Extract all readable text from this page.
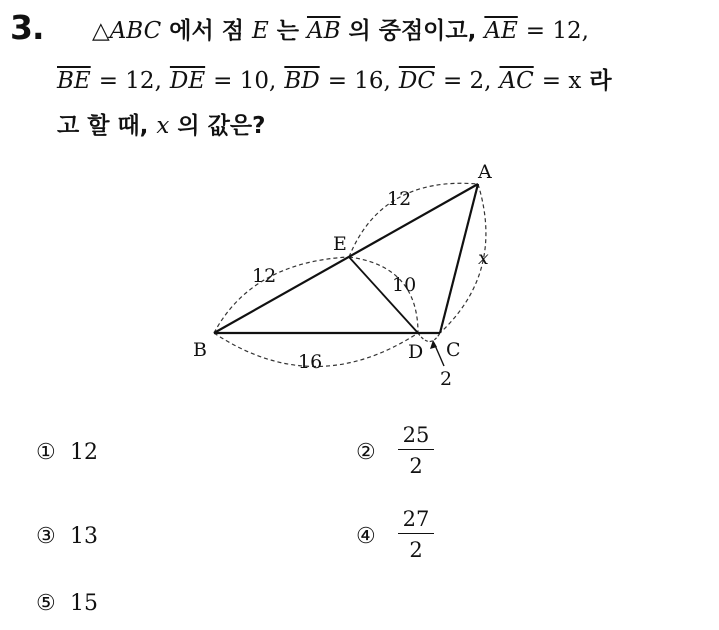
3. △ABC 에서 점 E 는 $\overline{AB}$ 의 중점이고, $\overline{AE} = 12$,
$\overline{BE} = 12$, $\overline{DE} = 10$, $\overline{BD} = 16$, $\overline{DC} = 2$, $\overline{AC} = x$ 라
고 할 때, x 의 값은?
A
B	C
D
E
12
12	10
16
2
x
① 12	②	$\frac{25}{2}$
③ 13	④	$\frac{27}{2}$
⑤ 15
